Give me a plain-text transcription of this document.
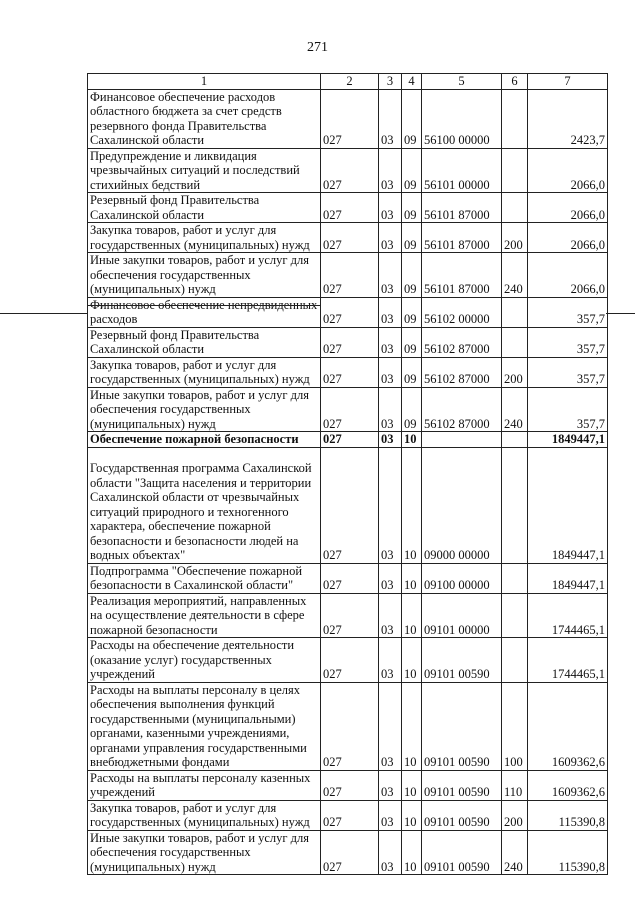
271
1	2	3	4	5	6	7
Финансовое обеспечение расходов областного бюджета за счет средств резервного фонда Правительства Сахалинской области	027	03	09	56100 00000		2423,7
Предупреждение и ликвидация чрезвычайных ситуаций и последствий стихийных бедствий	027	03	09	56101 00000		2066,0
Резервный фонд Правительства Сахалинской области	027	03	09	56101 87000		2066,0
Закупка товаров, работ и услуг для государственных (муниципальных) нужд	027	03	09	56101 87000	200	2066,0
Иные закупки товаров, работ и услуг для обеспечения государственных (муниципальных) нужд	027	03	09	56101 87000	240	2066,0
Финансовое обеспечение непредвиденных расходов	027	03	09	56102 00000		357,7
Резервный фонд Правительства Сахалинской области	027	03	09	56102 87000		357,7
Закупка товаров, работ и услуг для государственных (муниципальных) нужд	027	03	09	56102 87000	200	357,7
Иные закупки товаров, работ и услуг для обеспечения государственных (муниципальных) нужд	027	03	09	56102 87000	240	357,7
Обеспечение пожарной безопасности	027	03	10			1849447,1
Государственная программа Сахалинской области "Защита населения и территории Сахалинской области от чрезвычайных ситуаций природного и техногенного характера, обеспечение пожарной безопасности и безопасности людей на водных объектах"	027	03	10	09000 00000		1849447,1
Подпрограмма "Обеспечение пожарной безопасности в Сахалинской области"	027	03	10	09100 00000		1849447,1
Реализация мероприятий, направленных на осуществление деятельности в сфере пожарной безопасности	027	03	10	09101 00000		1744465,1
Расходы на обеспечение деятельности (оказание услуг) государственных учреждений	027	03	10	09101 00590		1744465,1
Расходы на выплаты персоналу в целях обеспечения выполнения функций государственными (муниципальными) органами, казенными учреждениями, органами управления государственными внебюджетными фондами	027	03	10	09101 00590	100	1609362,6
Расходы на выплаты персоналу казенных учреждений	027	03	10	09101 00590	110	1609362,6
Закупка товаров, работ и услуг для государственных (муниципальных) нужд	027	03	10	09101 00590	200	115390,8
Иные закупки товаров, работ и услуг для обеспечения государственных (муниципальных) нужд	027	03	10	09101 00590	240	115390,8
